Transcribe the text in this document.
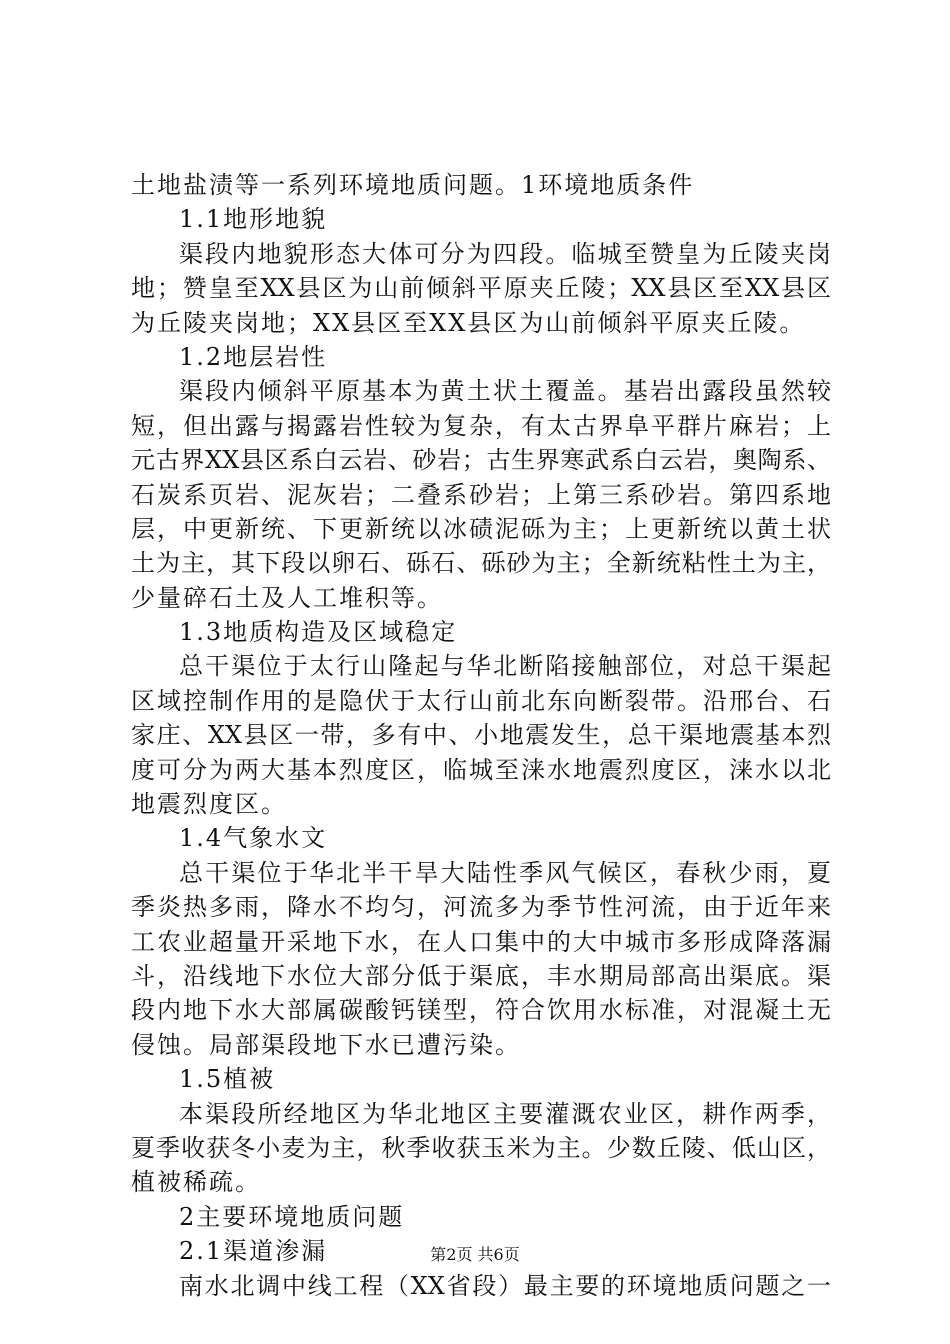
土地盐渍等一系列环境地质问题。1环境地质条件
1.1地形地貌
渠段内地貌形态大体可分为四段。临城至赞皇为丘陵夹岗
地；赞皇至XX县区为山前倾斜平原夹丘陵；XX县区至XX县区
为丘陵夹岗地；XX县区至XX县区为山前倾斜平原夹丘陵。
1.2地层岩性
渠段内倾斜平原基本为黄土状土覆盖。基岩出露段虽然较
短，但出露与揭露岩性较为复杂，有太古界阜平群片麻岩；上
元古界XX县区系白云岩、砂岩；古生界寒武系白云岩，奥陶系、
石炭系页岩、泥灰岩；二叠系砂岩；上第三系砂岩。第四系地
层，中更新统、下更新统以冰碛泥砾为主；上更新统以黄土状
土为主，其下段以卵石、砾石、砾砂为主；全新统粘性土为主，
少量碎石土及人工堆积等。
1.3地质构造及区域稳定
总干渠位于太行山隆起与华北断陷接触部位，对总干渠起
区域控制作用的是隐伏于太行山前北东向断裂带。沿邢台、石
家庄、XX县区一带，多有中、小地震发生，总干渠地震基本烈
度可分为两大基本烈度区，临城至涞水地震烈度区，涞水以北
地震烈度区。
1.4气象水文
总干渠位于华北半干旱大陆性季风气候区，春秋少雨，夏
季炎热多雨，降水不均匀，河流多为季节性河流，由于近年来
工农业超量开采地下水，在人口集中的大中城市多形成降落漏
斗，沿线地下水位大部分低于渠底，丰水期局部高出渠底。渠
段内地下水大部属碳酸钙镁型，符合饮用水标准，对混凝土无
侵蚀。局部渠段地下水已遭污染。
1.5植被
本渠段所经地区为华北地区主要灌溉农业区，耕作两季，
夏季收获冬小麦为主，秋季收获玉米为主。少数丘陵、低山区，
植被稀疏。
2主要环境地质问题
2.1渠道渗漏
南水北调中线工程（XX省段）最主要的环境地质问题之一
第2页 共6页
